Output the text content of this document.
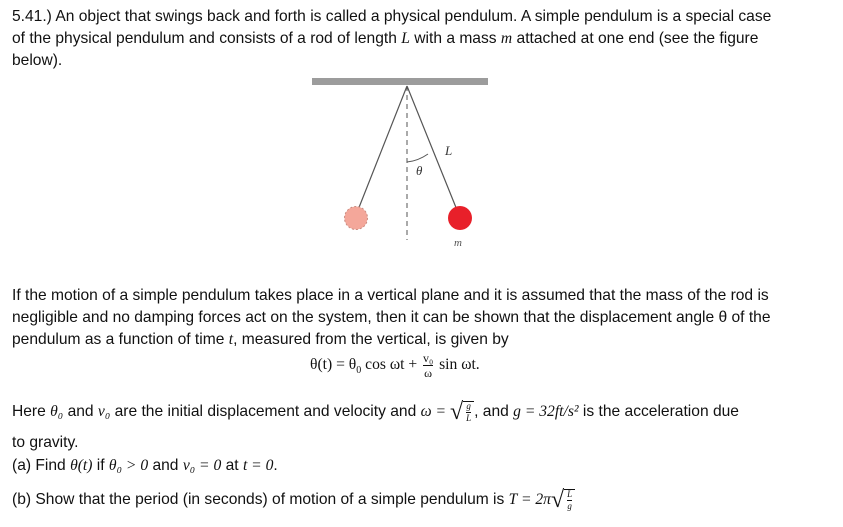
5.41.) An object that swings back and forth is called a physical pendulum. A simple pendulum is a special case
of the physical pendulum and consists of a rod of length L with a mass m attached at one end (see the figure
below).

θ
L
m

If the motion of a simple pendulum takes place in a vertical plane and it is assumed that the mass of the rod is
negligible and no damping forces act on the system, then it can be shown that the displacement angle θ of the
pendulum as a function of time t, measured from the vertical, is given by

$\theta(t) = \theta_0$ $\cos \omega t + \frac{\text{v₀}}{\omega}$ sin ωt.
Here θ₀ and v₀ are the initial displacement and velocity and ω = √ $\frac{g}{L}$ , and g = 32ft/s² is the acceleration due
to gravity.
(a) Find θ(t) if θ₀ > 0 and v₀ = 0 at t = 0.
(b) Show that the period (in seconds) of motion of a simple pendulum is T = 2π √ $\frac{L}{g}$
